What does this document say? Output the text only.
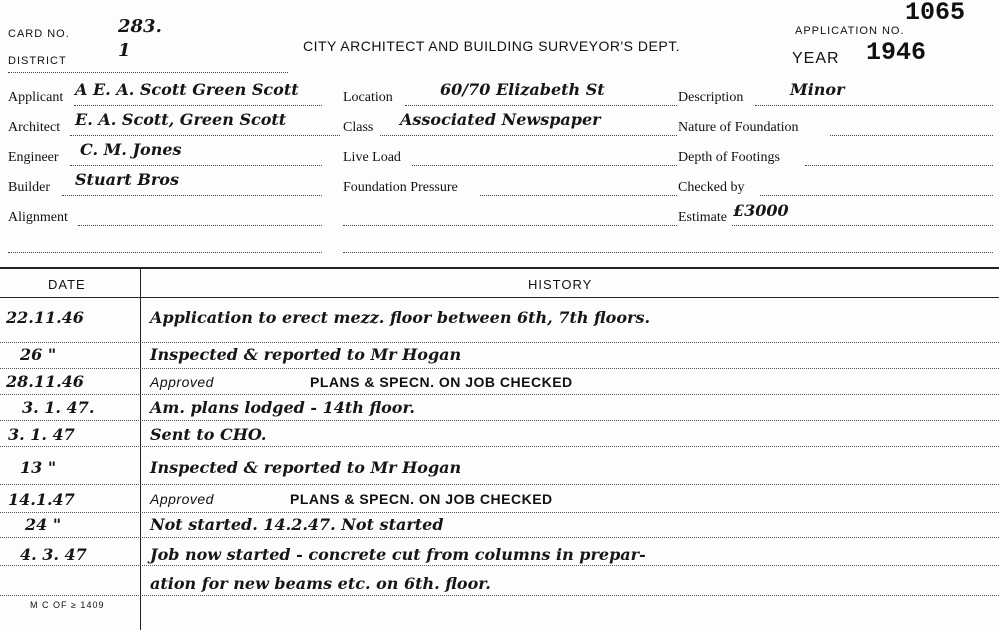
CARD NO.	283.
DISTRICT	1	CITY ARCHITECT AND BUILDING SURVEYOR'S DEPT.
APPLICATION NO.
1065
YEAR 1946
Applicant A E. A. Scott Green Scott	Location	60/70 Elizabeth St	Description	Minor
Architect E. A. Scott, Green Scott	Class Associated Newspaper	Nature of Foundation
Engineer C. M. Jones	Live Load	Depth of Footings
Builder Stuart Bros	Foundation Pressure	Checked by
Alignment	Estimate £3000
DATE	HISTORY
22.11.46	Application to erect mezz. floor between 6th, 7th floors.
26 "	Inspected & reported to Mr Hogan
28.11.46	Approved	PLANS & SPECN. ON JOB CHECKED
3. 1. 47.	Am. plans lodged - 14th floor.
3. 1. 47	Sent to CHO.
13 "	Inspected & reported to Mr Hogan
14.1.47	Approved	PLANS & SPECN. ON JOB CHECKED
24 "	Not started. 14.2.47. Not started
4. 3. 47	Job now started - concrete cut from columns in prepar-
ation for new beams etc. on 6th. floor.
M C OF ≥ 1409
